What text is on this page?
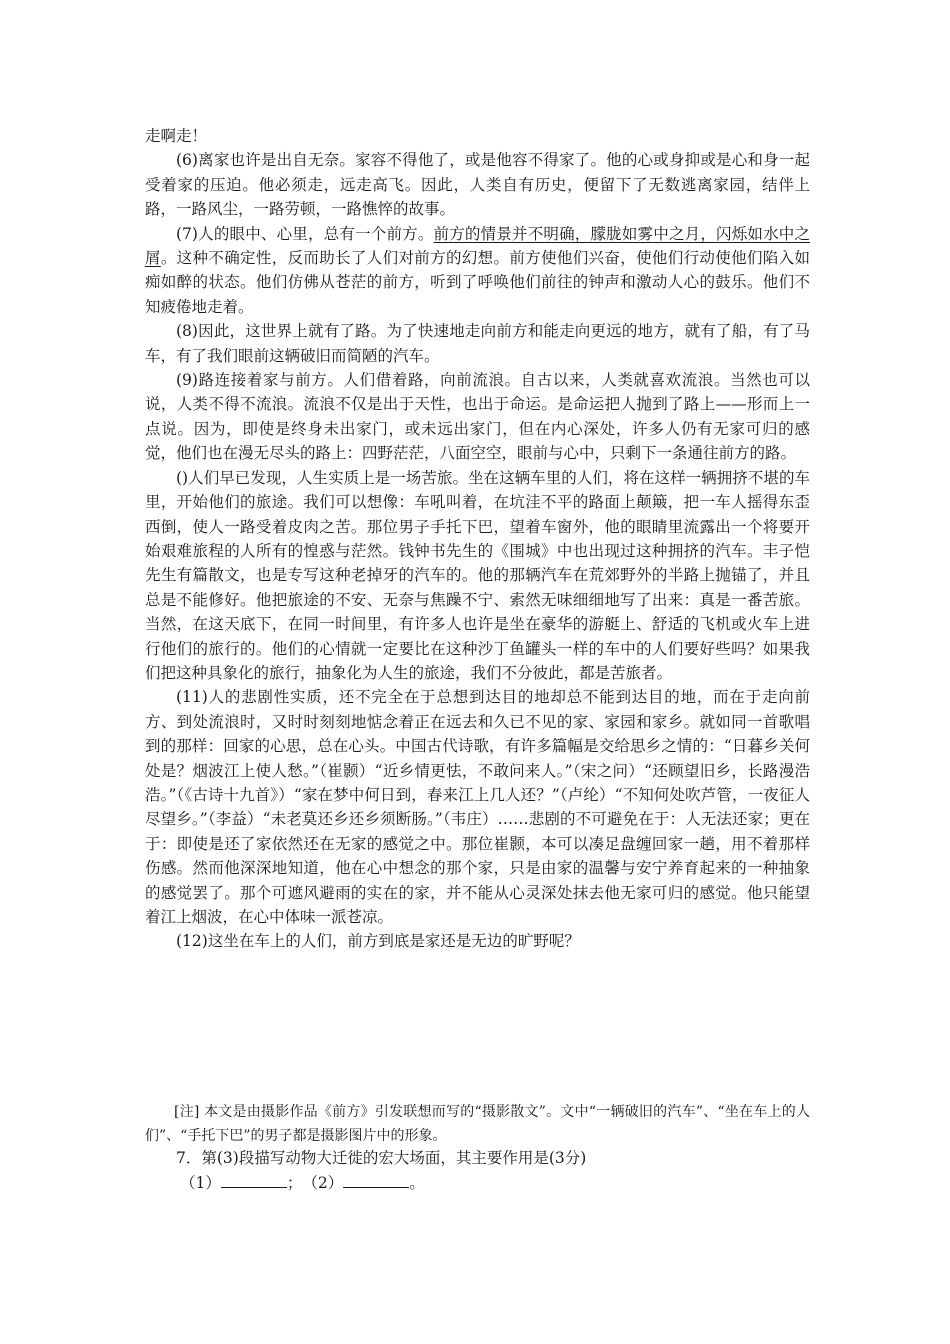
走啊走！

(6)离家也许是出自无奈。家容不得他了，或是他容不得家了。他的心或身抑或是心和身一起受着家的压迫。他必须走，远走高飞。因此，人类自有历史，便留下了无数逃离家园，结伴上路，一路风尘，一路劳顿，一路憔悴的故事。

(7)人的眼中、心里，总有一个前方。前方的情景并不明确，朦胧如雾中之月，闪烁如水中之屑。这种不确定性，反而助长了人们对前方的幻想。前方使他们兴奋，使他们行动使他们陷入如痴如醉的状态。他们仿佛从苍茫的前方，听到了呼唤他们前往的钟声和激动人心的鼓乐。他们不知疲倦地走着。

(8)因此，这世界上就有了路。为了快速地走向前方和能走向更远的地方，就有了船，有了马车，有了我们眼前这辆破旧而简陋的汽车。

(9)路连接着家与前方。人们借着路，向前流浪。自古以来，人类就喜欢流浪。当然也可以说，人类不得不流浪。流浪不仅是出于天性，也出于命运。是命运把人抛到了路上——形而上一点说。因为，即使是终身未出家门，或未远出家门，但在内心深处，许多人仍有无家可归的感觉，他们也在漫无尽头的路上：四野茫茫，八面空空，眼前与心中，只剩下一条通往前方的路。

()人们早已发现，人生实质上是一场苦旅。坐在这辆车里的人们，将在这样一辆拥挤不堪的车里，开始他们的旅途。我们可以想像：车吼叫着，在坑洼不平的路面上颠簸，把一车人摇得东歪西倒，使人一路受着皮肉之苦。那位男子手托下巴，望着车窗外，他的眼睛里流露出一个将要开始艰难旅程的人所有的惶惑与茫然。钱钟书先生的《围城》中也出现过这种拥挤的汽车。丰子恺先生有篇散文，也是专写这种老掉牙的汽车的。他的那辆汽车在荒郊野外的半路上抛锚了，并且总是不能修好。他把旅途的不安、无奈与焦躁不宁、索然无味细细地写了出来：真是一番苦旅。当然，在这天底下，在同一时间里，有许多人也许是坐在豪华的游艇上、舒适的飞机或火车上进行他们的旅行的。他们的心情就一定要比在这种沙丁鱼罐头一样的车中的人们要好些吗？如果我们把这种具象化的旅行，抽象化为人生的旅途，我们不分彼此，都是苦旅者。

(11)人的悲剧性实质，还不完全在于总想到达目的地却总不能到达目的地，而在于走向前方、到处流浪时，又时时刻刻地惦念着正在远去和久已不见的家、家园和家乡。就如同一首歌唱到的那样：回家的心思，总在心头。中国古代诗歌，有许多篇幅是交给思乡之情的：“日暮乡关何处是？烟波江上使人愁。”（崔颢）“近乡情更怯，不敢问来人。”（宋之问）“还顾望旧乡，长路漫浩浩。”（《古诗十九首》）“家在梦中何日到，春来江上几人还？”（卢纶）“不知何处吹芦管，一夜征人尽望乡。”（李益）“未老莫还乡还乡须断肠。”（韦庄）……悲剧的不可避免在于：人无法还家；更在于：即使是还了家依然还在无家的感觉之中。那位崔颢，本可以凑足盘缠回家一趟，用不着那样伤感。然而他深深地知道，他在心中想念的那个家，只是由家的温馨与安宁养育起来的一种抽象的感觉罢了。那个可遮风避雨的实在的家，并不能从心灵深处抹去他无家可归的感觉。他只能望着江上烟波，在心中体味一派苍凉。

(12)这坐在车上的人们，前方到底是家还是无边的旷野呢？

[注] 本文是由摄影作品《前方》引发联想而写的“摄影散文”。文中“一辆破旧的汽车”、“坐在车上的人们”、“手托下巴”的男子都是摄影图片中的形象。

7．第(3)段描写动物大迁徙的宏大场面，其主要作用是(3分)

（1）	；　（2）	。
